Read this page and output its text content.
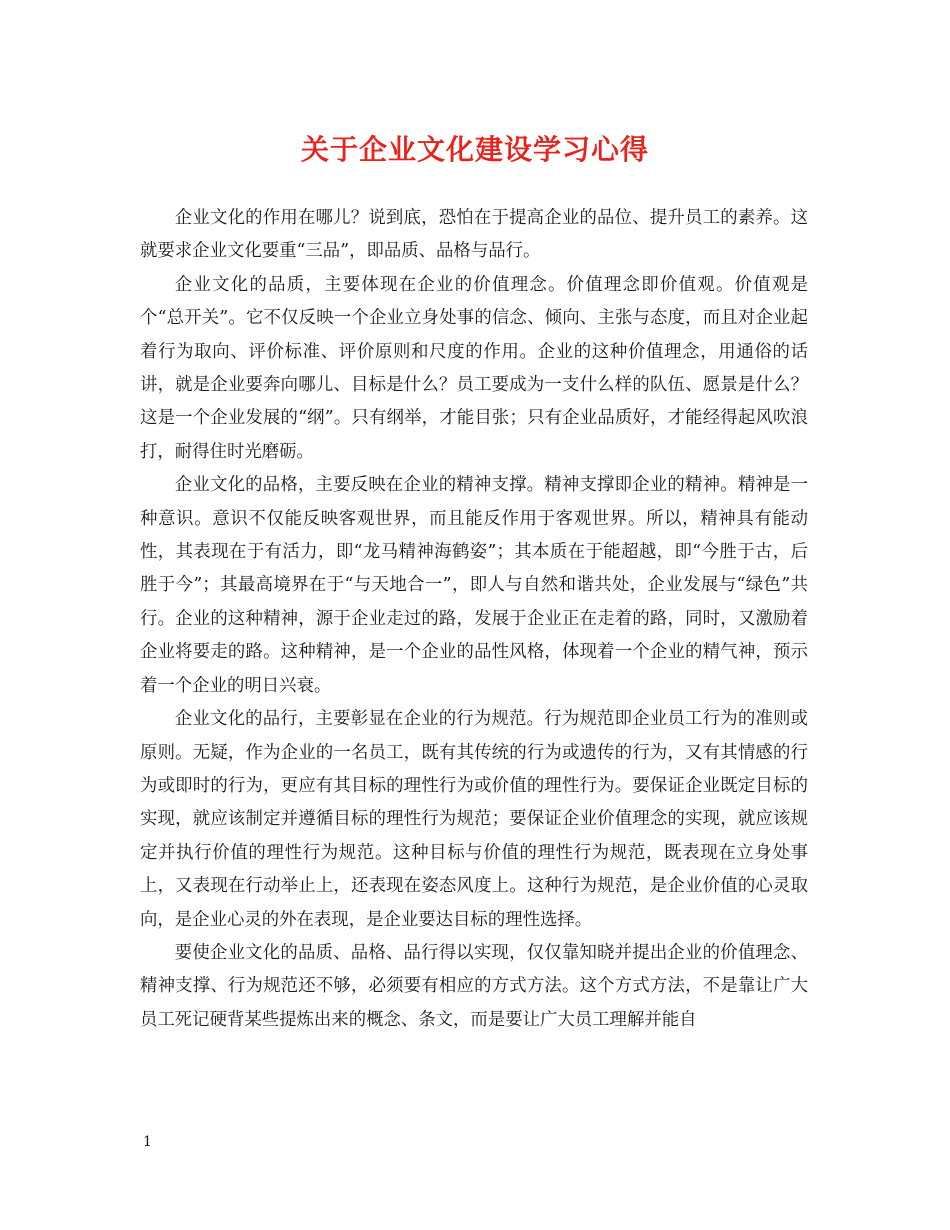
关于企业文化建设学习心得

企业文化的作用在哪儿？说到底，恐怕在于提高企业的品位、提升员工的素养。这就要求企业文化要重“三品”，即品质、品格与品行。

企业文化的品质，主要体现在企业的价值理念。价值理念即价值观。价值观是个“总开关”。它不仅反映一个企业立身处事的信念、倾向、主张与态度，而且对企业起着行为取向、评价标准、评价原则和尺度的作用。企业的这种价值理念，用通俗的话讲，就是企业要奔向哪儿、目标是什么？员工要成为一支什么样的队伍、愿景是什么？这是一个企业发展的“纲”。只有纲举，才能目张；只有企业品质好，才能经得起风吹浪打，耐得住时光磨砺。

企业文化的品格，主要反映在企业的精神支撑。精神支撑即企业的精神。精神是一种意识。意识不仅能反映客观世界，而且能反作用于客观世界。所以，精神具有能动性，其表现在于有活力，即“龙马精神海鹤姿”；其本质在于能超越，即“今胜于古，后胜于今”；其最高境界在于“与天地合一”，即人与自然和谐共处，企业发展与“绿色”共行。企业的这种精神，源于企业走过的路，发展于企业正在走着的路，同时，又激励着企业将要走的路。这种精神，是一个企业的品性风格，体现着一个企业的精气神，预示着一个企业的明日兴衰。

企业文化的品行，主要彰显在企业的行为规范。行为规范即企业员工行为的准则或原则。无疑，作为企业的一名员工，既有其传统的行为或遗传的行为，又有其情感的行为或即时的行为，更应有其目标的理性行为或价值的理性行为。要保证企业既定目标的实现，就应该制定并遵循目标的理性行为规范；要保证企业价值理念的实现，就应该规定并执行价值的理性行为规范。这种目标与价值的理性行为规范，既表现在立身处事上，又表现在行动举止上，还表现在姿态风度上。这种行为规范，是企业价值的心灵取向，是企业心灵的外在表现，是企业要达目标的理性选择。

要使企业文化的品质、品格、品行得以实现，仅仅靠知晓并提出企业的价值理念、精神支撑、行为规范还不够，必须要有相应的方式方法。这个方式方法，不是靠让广大员工死记硬背某些提炼出来的概念、条文，而是要让广大员工理解并能自

1
